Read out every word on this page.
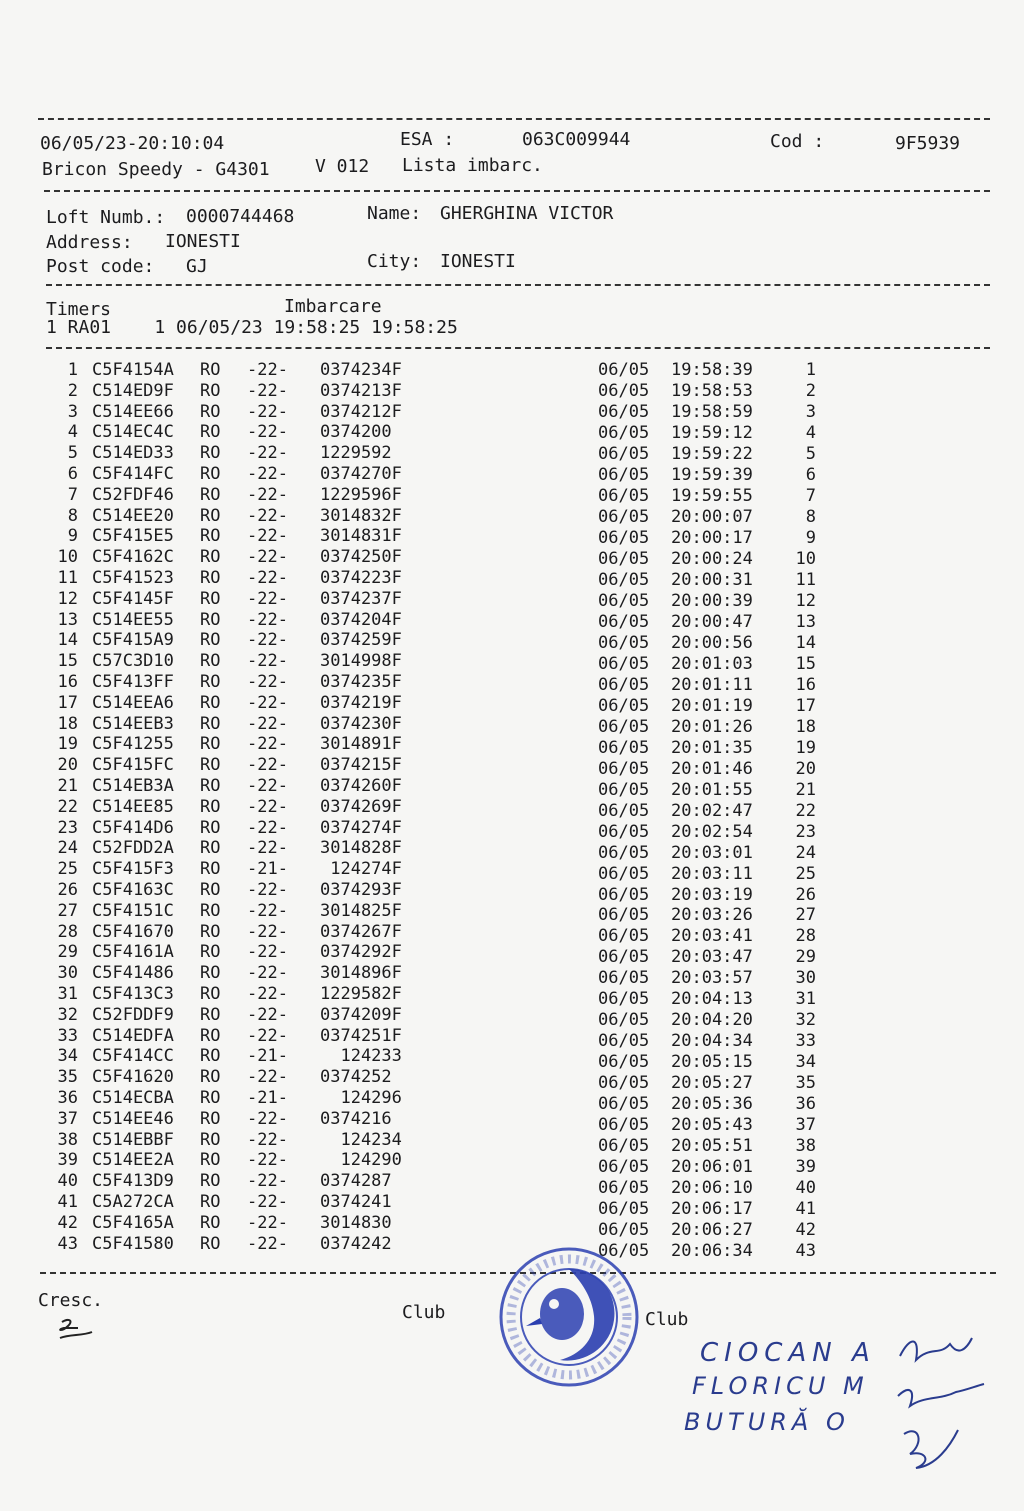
06/05/23-20:10:04	ESA :	063C009944	Cod :	9F5939
Bricon Speedy - G4301	V 012 Lista imbarc.
Loft Numb.: 0000744468	Name: GHERGHINA VICTOR
Address: IONESTI
Post code: GJ	City: IONESTI
Timers	Imbarcare
1 RA01    1 06/05/23 19:58:25 19:58:25
1 C5F4154A RO -22- 0374234F	06/05 19:58:39	1
2 C514ED9F RO -22- 0374213F	06/05 19:58:53	2
3 C514EE66 RO -22- 0374212F	06/05 19:58:59	3
4 C514EC4C RO -22- 0374200	06/05 19:59:12	4
5 C514ED33 RO -22- 1229592	06/05 19:59:22	5
6 C5F414FC RO -22- 0374270F	06/05 19:59:39	6
7 C52FDF46 RO -22- 1229596F	06/05 19:59:55	7
8 C514EE20 RO -22- 3014832F	06/05 20:00:07	8
9 C5F415E5 RO -22- 3014831F	06/05 20:00:17	9
10 C5F4162C RO -22- 0374250F	06/05 20:00:24	10
11 C5F41523 RO -22- 0374223F	06/05 20:00:31	11
12 C5F4145F RO -22- 0374237F	06/05 20:00:39	12
13 C514EE55 RO -22- 0374204F	06/05 20:00:47	13
14 C5F415A9 RO -22- 0374259F	06/05 20:00:56	14
15 C57C3D10 RO -22- 3014998F	06/05 20:01:03	15
16 C5F413FF RO -22- 0374235F	06/05 20:01:11	16
17 C514EEA6 RO -22- 0374219F	06/05 20:01:19	17
18 C514EEB3 RO -22- 0374230F	06/05 20:01:26	18
19 C5F41255 RO -22- 3014891F	06/05 20:01:35	19
20 C5F415FC RO -22- 0374215F	06/05 20:01:46	20
21 C514EB3A RO -22- 0374260F	06/05 20:01:55	21
22 C514EE85 RO -22- 0374269F	06/05 20:02:47	22
23 C5F414D6 RO -22- 0374274F	06/05 20:02:54	23
24 C52FDD2A RO -22- 3014828F	06/05 20:03:01	24
25 C5F415F3 RO -21- 124274F	06/05 20:03:11	25
26 C5F4163C RO -22- 0374293F	06/05 20:03:19	26
27 C5F4151C RO -22- 3014825F	06/05 20:03:26	27
28 C5F41670 RO -22- 0374267F	06/05 20:03:41	28
29 C5F4161A RO -22- 0374292F	06/05 20:03:47	29
30 C5F41486 RO -22- 3014896F	06/05 20:03:57	30
31 C5F413C3 RO -22- 1229582F	06/05 20:04:13	31
32 C52FDDF9 RO -22- 0374209F	06/05 20:04:20	32
33 C514EDFA RO -22- 0374251F	06/05 20:04:34	33
34 C5F414CC RO -21- 124233	06/05 20:05:15	34
35 C5F41620 RO -22- 0374252	06/05 20:05:27	35
36 C514ECBA RO -21- 124296	06/05 20:05:36	36
37 C514EE46 RO -22- 0374216	06/05 20:05:43	37
38 C514EBBF RO -22- 124234	06/05 20:05:51	38
39 C514EE2A RO -22- 124290	06/05 20:06:01	39
40 C5F413D9 RO -22- 0374287	06/05 20:06:10	40
41 C5A272CA RO -22- 0374241	06/05 20:06:17	41
42 C5F4165A RO -22- 3014830	06/05 20:06:27	42
43 C5F41580 RO -22- 0374242	06/05 20:06:34	43
Cresc.
Club	Club
CIOCAN A
FLORICU M
BUTURĂ O
